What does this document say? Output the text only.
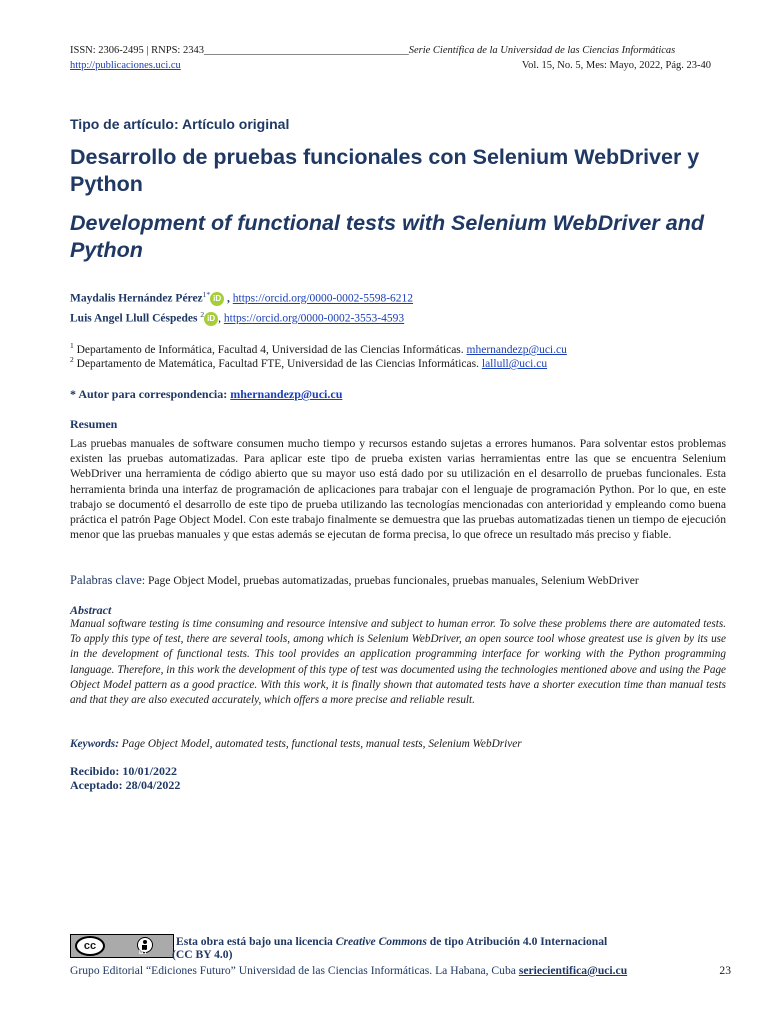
ISSN: 2306-2495 | RNPS: 2343_______________________________________Serie Científica de la Universidad de las Ciencias Informáticas
http://publicaciones.uci.cu	Vol. 15, No. 5, Mes: Mayo, 2022, Pág. 23-40
Tipo de artículo: Artículo original
Desarrollo de pruebas funcionales con Selenium WebDriver y Python
Development of functional tests with Selenium WebDriver and Python
Maydalis Hernández Pérez$^{1*}$ iD , https://orcid.org/0000-0002-5598-6212
Luis Angel Llull Céspedes $^2$ iD , https://orcid.org/0000-0002-3553-4593
$^1$ Departamento de Informática, Facultad 4, Universidad de las Ciencias Informáticas. mhernandezp@uci.cu
$^2$ Departamento de Matemática, Facultad FTE, Universidad de las Ciencias Informáticas. lallull@uci.cu
* Autor para correspondencia: mhernandezp@uci.cu
Resumen
Las pruebas manuales de software consumen mucho tiempo y recursos estando sujetas a errores humanos. Para solventar estos problemas existen las pruebas automatizadas. Para aplicar este tipo de prueba existen varias herramientas entre las que se encuentra Selenium WebDriver una herramienta de código abierto que su mayor uso está dado por su utilización en el desarrollo de pruebas funcionales. Esta herramienta brinda una interfaz de programación de aplicaciones para trabajar con el lenguaje de programación Python. Por lo que, en este trabajo se documentó el desarrollo de este tipo de prueba utilizando las tecnologías mencionadas con anterioridad y empleando como buena práctica el patrón Page Object Model. Con este trabajo finalmente se demuestra que las pruebas automatizadas tienen un tiempo de ejecución menor que las pruebas manuales y que estas además se ejecutan de forma precisa, lo que ofrece un resultado más preciso y fiable.
Palabras clave: Page Object Model, pruebas automatizadas, pruebas funcionales, pruebas manuales, Selenium WebDriver
Abstract
Manual software testing is time consuming and resource intensive and subject to human error. To solve these problems there are automated tests. To apply this type of test, there are several tools, among which is Selenium WebDriver, an open source tool whose greatest use is given by its use in the development of functional tests. This tool provides an application programming interface for working with the Python programming language. Therefore, in this work the development of this type of test was documented using the technologies mentioned above and using the Page Object Model pattern as a good practice. With this work, it is finally shown that automated tests have a shorter execution time than manual tests and that they are also executed accurately, which offers a more precise and reliable result.
Keywords: Page Object Model, automated tests, functional tests, manual tests, Selenium WebDriver
Recibido: 10/01/2022
Aceptado: 28/04/2022
cc
BY
Esta obra está bajo una licencia Creative Commons de tipo Atribución 4.0 Internacional
(CC BY 4.0)
Grupo Editorial “Ediciones Futuro” Universidad de las Ciencias Informáticas. La Habana, Cuba seriecientifica@uci.cu	23
